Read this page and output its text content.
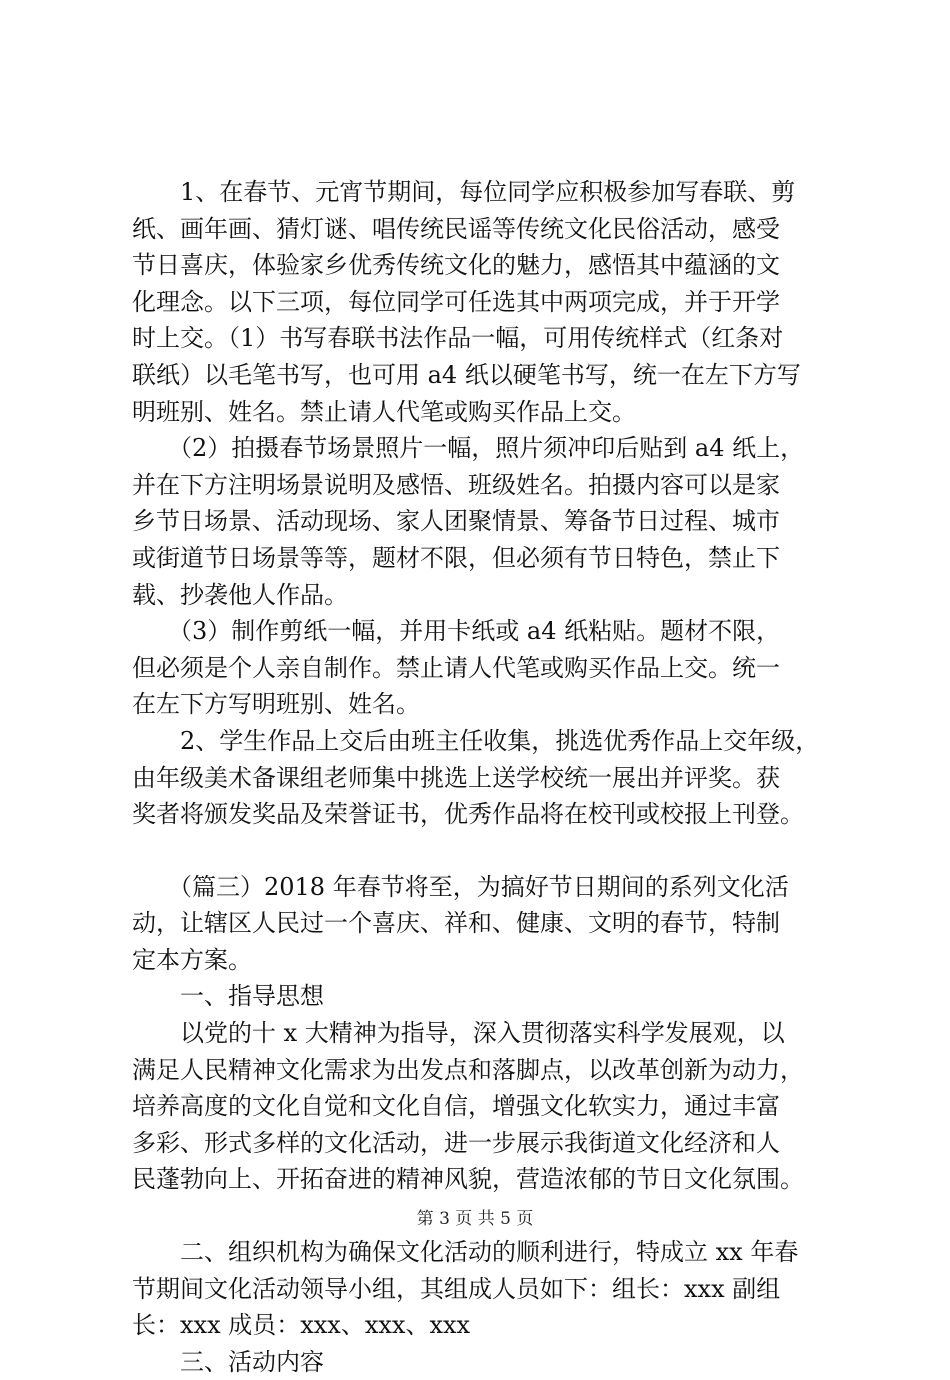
　　1、在春节、元宵节期间，每位同学应积极参加写春联、剪
纸、画年画、猜灯谜、唱传统民谣等传统文化民俗活动，感受
节日喜庆，体验家乡优秀传统文化的魅力，感悟其中蕴涵的文
化理念。以下三项，每位同学可任选其中两项完成，并于开学
时上交。（1）书写春联书法作品一幅，可用传统样式（红条对
联纸）以毛笔书写，也可用 a4 纸以硬笔书写，统一在左下方写
明班别、姓名。禁止请人代笔或购买作品上交。

　　（2）拍摄春节场景照片一幅，照片须冲印后贴到 a4 纸上，
并在下方注明场景说明及感悟、班级姓名。拍摄内容可以是家
乡节日场景、活动现场、家人团聚情景、筹备节日过程、城市
或街道节日场景等等，题材不限，但必须有节日特色，禁止下
载、抄袭他人作品。

　　（3）制作剪纸一幅，并用卡纸或 a4 纸粘贴。题材不限，
但必须是个人亲自制作。禁止请人代笔或购买作品上交。统一
在左下方写明班别、姓名。

　　2、学生作品上交后由班主任收集，挑选优秀作品上交年级，
由年级美术备课组老师集中挑选上送学校统一展出并评奖。获
奖者将颁发奖品及荣誉证书，优秀作品将在校刊或校报上刊登。

　　（篇三）2018 年春节将至，为搞好节日期间的系列文化活
动，让辖区人民过一个喜庆、祥和、健康、文明的春节，特制
定本方案。

　　一、指导思想

　　以党的十 x 大精神为指导，深入贯彻落实科学发展观，以
满足人民精神文化需求为出发点和落脚点，以改革创新为动力，
培养高度的文化自觉和文化自信，增强文化软实力，通过丰富
多彩、形式多样的文化活动，进一步展示我街道文化经济和人
民蓬勃向上、开拓奋进的精神风貌，营造浓郁的节日文化氛围。

　　二、组织机构为确保文化活动的顺利进行，特成立 xx 年春
节期间文化活动领导小组，其组成人员如下：组长：xxx 副组
长：xxx 成员：xxx、xxx、xxx

　　三、活动内容

第 3 页 共 5 页
